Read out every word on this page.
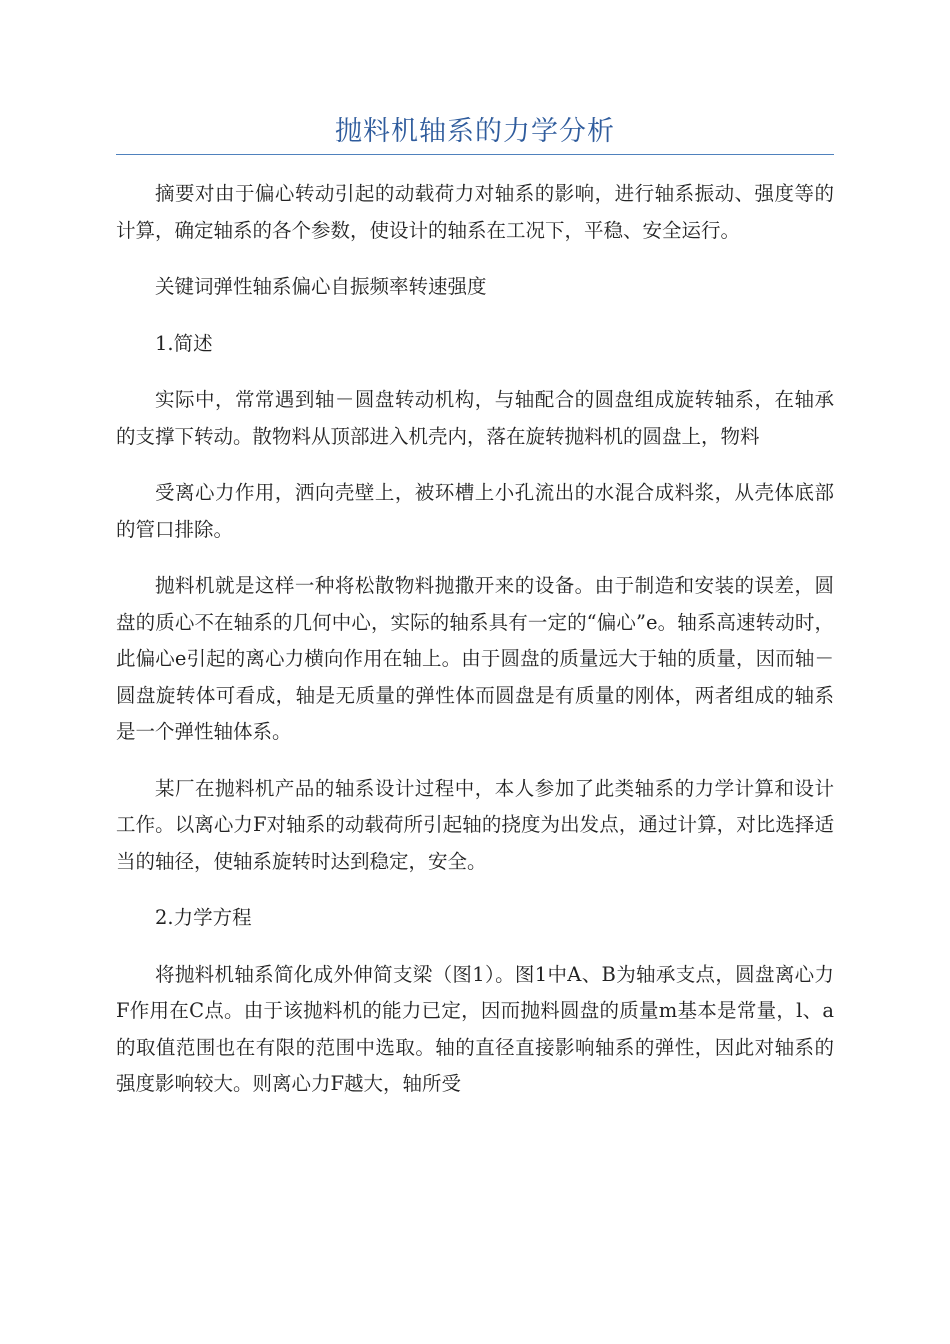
抛料机轴系的力学分析

摘要对由于偏心转动引起的动载荷力对轴系的影响，进行轴系振动、强度等的计算，确定轴系的各个参数，使设计的轴系在工况下，平稳、安全运行。

关键词弹性轴系偏心自振频率转速强度

1.简述

实际中，常常遇到轴－圆盘转动机构，与轴配合的圆盘组成旋转轴系，在轴承的支撑下转动。散物料从顶部进入机壳内，落在旋转抛料机的圆盘上，物料

受离心力作用，洒向壳壁上，被环槽上小孔流出的水混合成料浆，从壳体底部的管口排除。

抛料机就是这样一种将松散物料抛撒开来的设备。由于制造和安装的误差，圆盘的质心不在轴系的几何中心，实际的轴系具有一定的“偏心”e。轴系高速转动时，此偏心e引起的离心力横向作用在轴上。由于圆盘的质量远大于轴的质量，因而轴－圆盘旋转体可看成，轴是无质量的弹性体而圆盘是有质量的刚体，两者组成的轴系是一个弹性轴体系。

某厂在抛料机产品的轴系设计过程中，本人参加了此类轴系的力学计算和设计工作。以离心力F对轴系的动载荷所引起轴的挠度为出发点，通过计算，对比选择适当的轴径，使轴系旋转时达到稳定，安全。

2.力学方程

将抛料机轴系简化成外伸简支梁（图1）。图1中A、B为轴承支点，圆盘离心力F作用在C点。由于该抛料机的能力已定，因而抛料圆盘的质量m基本是常量，l、a的取值范围也在有限的范围中选取。轴的直径直接影响轴系的弹性，因此对轴系的强度影响较大。则离心力F越大，轴所受
